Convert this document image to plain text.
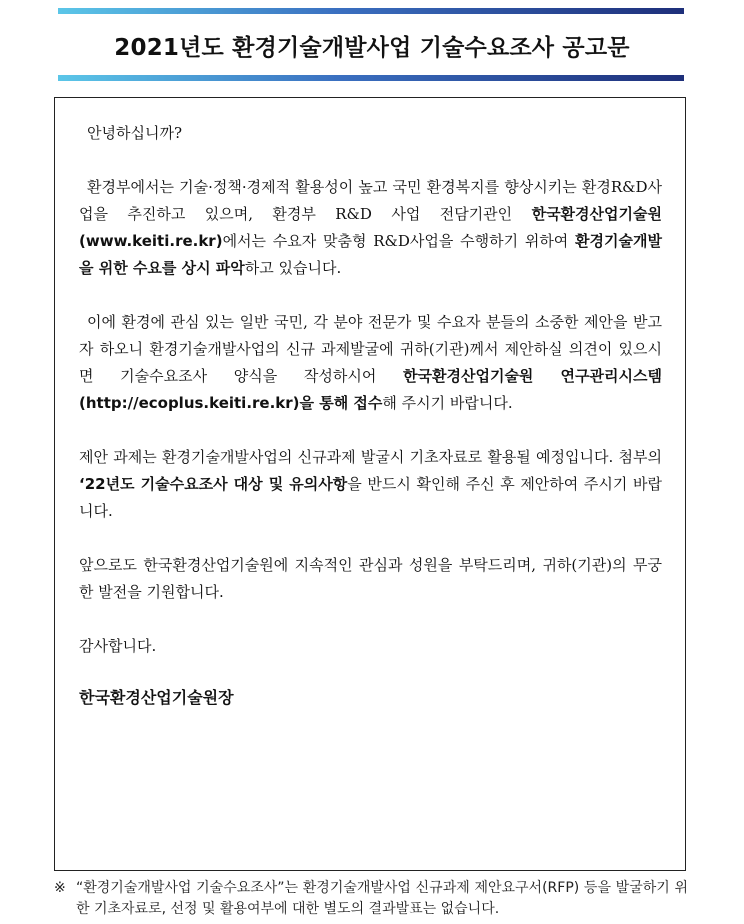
2021년도 환경기술개발사업 기술수요조사 공고문

안녕하십니까?

환경부에서는 기술·정책·경제적 활용성이 높고 국민 환경복지를 향상시키는 환경R&D사업을 추진하고 있으며, 환경부 R&D 사업 전담기관인 한국환경산업기술원 (www.keiti.re.kr)에서는 수요자 맞춤형 R&D사업을 수행하기 위하여 환경기술개발을 위한 수요를 상시 파악하고 있습니다.

이에 환경에 관심 있는 일반 국민, 각 분야 전문가 및 수요자 분들의 소중한 제안을 받고자 하오니 환경기술개발사업의 신규 과제발굴에 귀하(기관)께서 제안하실 의견이 있으시면 기술수요조사 양식을 작성하시어 한국환경산업기술원 연구관리시스템 (http://ecoplus.keiti.re.kr)을 통해 접수해 주시기 바랍니다.

제안 과제는 환경기술개발사업의 신규과제 발굴시 기초자료로 활용될 예정입니다. 첨부의 ‘22년도 기술수요조사 대상 및 유의사항을 반드시 확인해 주신 후 제안하여 주시기 바랍니다.

앞으로도 한국환경산업기술원에 지속적인 관심과 성원을 부탁드리며, 귀하(기관)의 무궁한 발전을 기원합니다.

감사합니다.

한국환경산업기술원장

※ “환경기술개발사업 기술수요조사”는 환경기술개발사업 신규과제 제안요구서(RFP) 등을 발굴하기 위한 기초자료로, 선정 및 활용여부에 대한 별도의 결과발표는 없습니다.
